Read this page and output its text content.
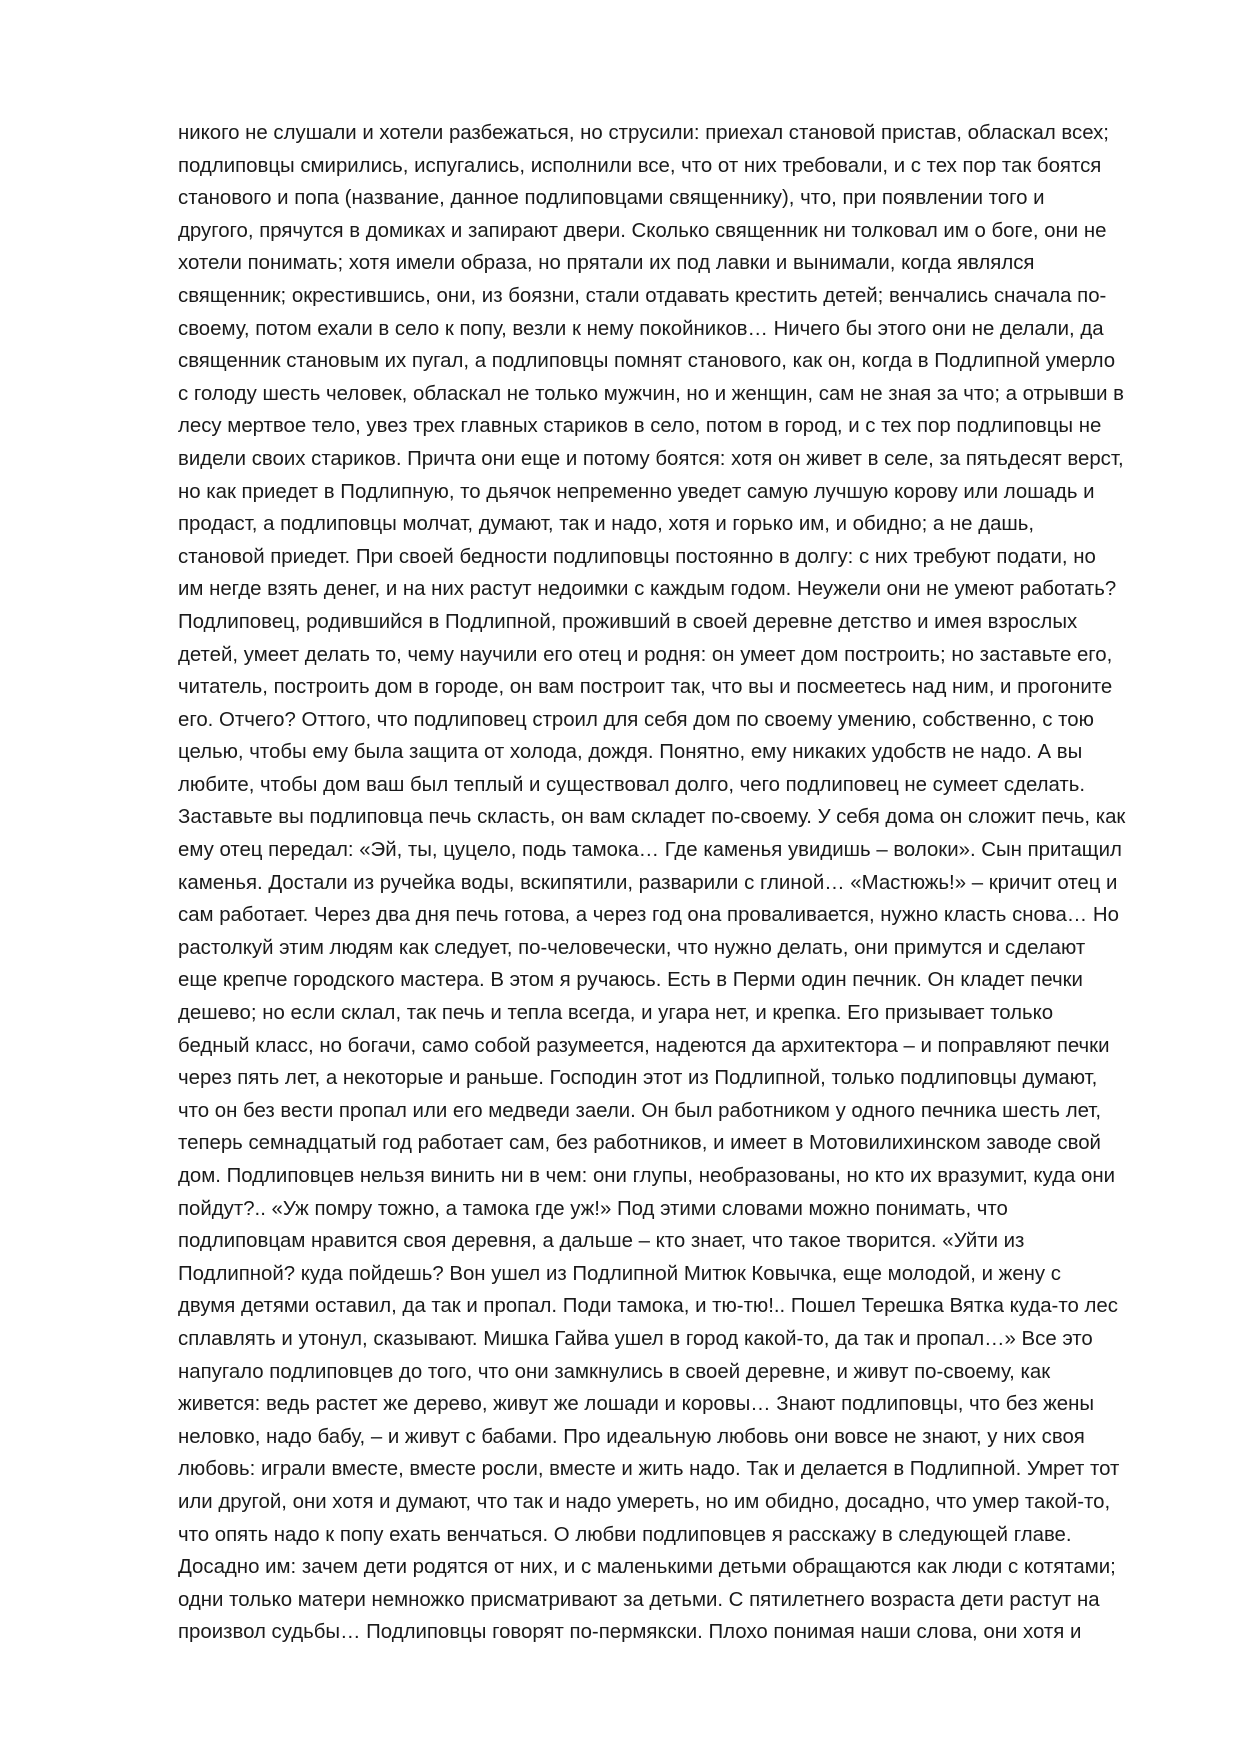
никого не слушали и хотели разбежаться, но струсили: приехал становой пристав, обласкал всех;
подлиповцы смирились, испугались, исполнили все, что от них требовали, и с тех пор так боятся
станового и попа (название, данное подлиповцами священнику), что, при появлении того и
другого, прячутся в домиках и запирают двери. Сколько священник ни толковал им о боге, они не
хотели понимать; хотя имели образа, но прятали их под лавки и вынимали, когда являлся
священник; окрестившись, они, из боязни, стали отдавать крестить детей; венчались сначала по-
своему, потом ехали в село к попу, везли к нему покойников… Ничего бы этого они не делали, да
священник становым их пугал, а подлиповцы помнят станового, как он, когда в Подлипной умерло
с голоду шесть человек, обласкал не только мужчин, но и женщин, сам не зная за что; а отрывши в
лесу мертвое тело, увез трех главных стариков в село, потом в город, и с тех пор подлиповцы не
видели своих стариков. Причта они еще и потому боятся: хотя он живет в селе, за пятьдесят верст,
но как приедет в Подлипную, то дьячок непременно уведет самую лучшую корову или лошадь и
продаст, а подлиповцы молчат, думают, так и надо, хотя и горько им, и обидно; а не дашь,
становой приедет. При своей бедности подлиповцы постоянно в долгу: с них требуют подати, но
им негде взять денег, и на них растут недоимки с каждым годом. Неужели они не умеют работать?
Подлиповец, родившийся в Подлипной, проживший в своей деревне детство и имея взрослых
детей, умеет делать то, чему научили его отец и родня: он умеет дом построить; но заставьте его,
читатель, построить дом в городе, он вам построит так, что вы и посмеетесь над ним, и прогоните
его. Отчего? Оттого, что подлиповец строил для себя дом по своему умению, собственно, с тою
целью, чтобы ему была защита от холода, дождя. Понятно, ему никаких удобств не надо. А вы
любите, чтобы дом ваш был теплый и существовал долго, чего подлиповец не сумеет сделать.
Заставьте вы подлиповца печь скласть, он вам складет по-своему. У себя дома он сложит печь, как
ему отец передал: «Эй, ты, цуцело, подь тамока… Где каменья увидишь – волоки». Сын притащил
каменья. Достали из ручейка воды, вскипятили, разварили с глиной… «Мастюжь!» – кричит отец и
сам работает. Через два дня печь готова, а через год она проваливается, нужно класть снова… Но
растолкуй этим людям как следует, по-человечески, что нужно делать, они примутся и сделают
еще крепче городского мастера. В этом я ручаюсь. Есть в Перми один печник. Он кладет печки
дешево; но если склал, так печь и тепла всегда, и угара нет, и крепка. Его призывает только
бедный класс, но богачи, само собой разумеется, надеются да архитектора – и поправляют печки
через пять лет, а некоторые и раньше. Господин этот из Подлипной, только подлиповцы думают,
что он без вести пропал или его медведи заели. Он был работником у одного печника шесть лет,
теперь семнадцатый год работает сам, без работников, и имеет в Мотовилихинском заводе свой
дом. Подлиповцев нельзя винить ни в чем: они глупы, необразованы, но кто их вразумит, куда они
пойдут?.. «Уж помру тожно, а тамока где уж!» Под этими словами можно понимать, что
подлиповцам нравится своя деревня, а дальше – кто знает, что такое творится. «Уйти из
Подлипной? куда пойдешь? Вон ушел из Подлипной Митюк Ковычка, еще молодой, и жену с
двумя детями оставил, да так и пропал. Поди тамока, и тю-тю!.. Пошел Терешка Вятка куда-то лес
сплавлять и утонул, сказывают. Мишка Гайва ушел в город какой-то, да так и пропал…» Все это
напугало подлиповцев до того, что они замкнулись в своей деревне, и живут по-своему, как
живется: ведь растет же дерево, живут же лошади и коровы… Знают подлиповцы, что без жены
неловко, надо бабу, – и живут с бабами. Про идеальную любовь они вовсе не знают, у них своя
любовь: играли вместе, вместе росли, вместе и жить надо. Так и делается в Подлипной. Умрет тот
или другой, они хотя и думают, что так и надо умереть, но им обидно, досадно, что умер такой-то,
что опять надо к попу ехать венчаться. О любви подлиповцев я расскажу в следующей главе.
Досадно им: зачем дети родятся от них, и с маленькими детьми обращаются как люди с котятами;
одни только матери немножко присматривают за детьми. С пятилетнего возраста дети растут на
произвол судьбы… Подлиповцы говорят по-пермякски. Плохо понимая наши слова, они хотя и
